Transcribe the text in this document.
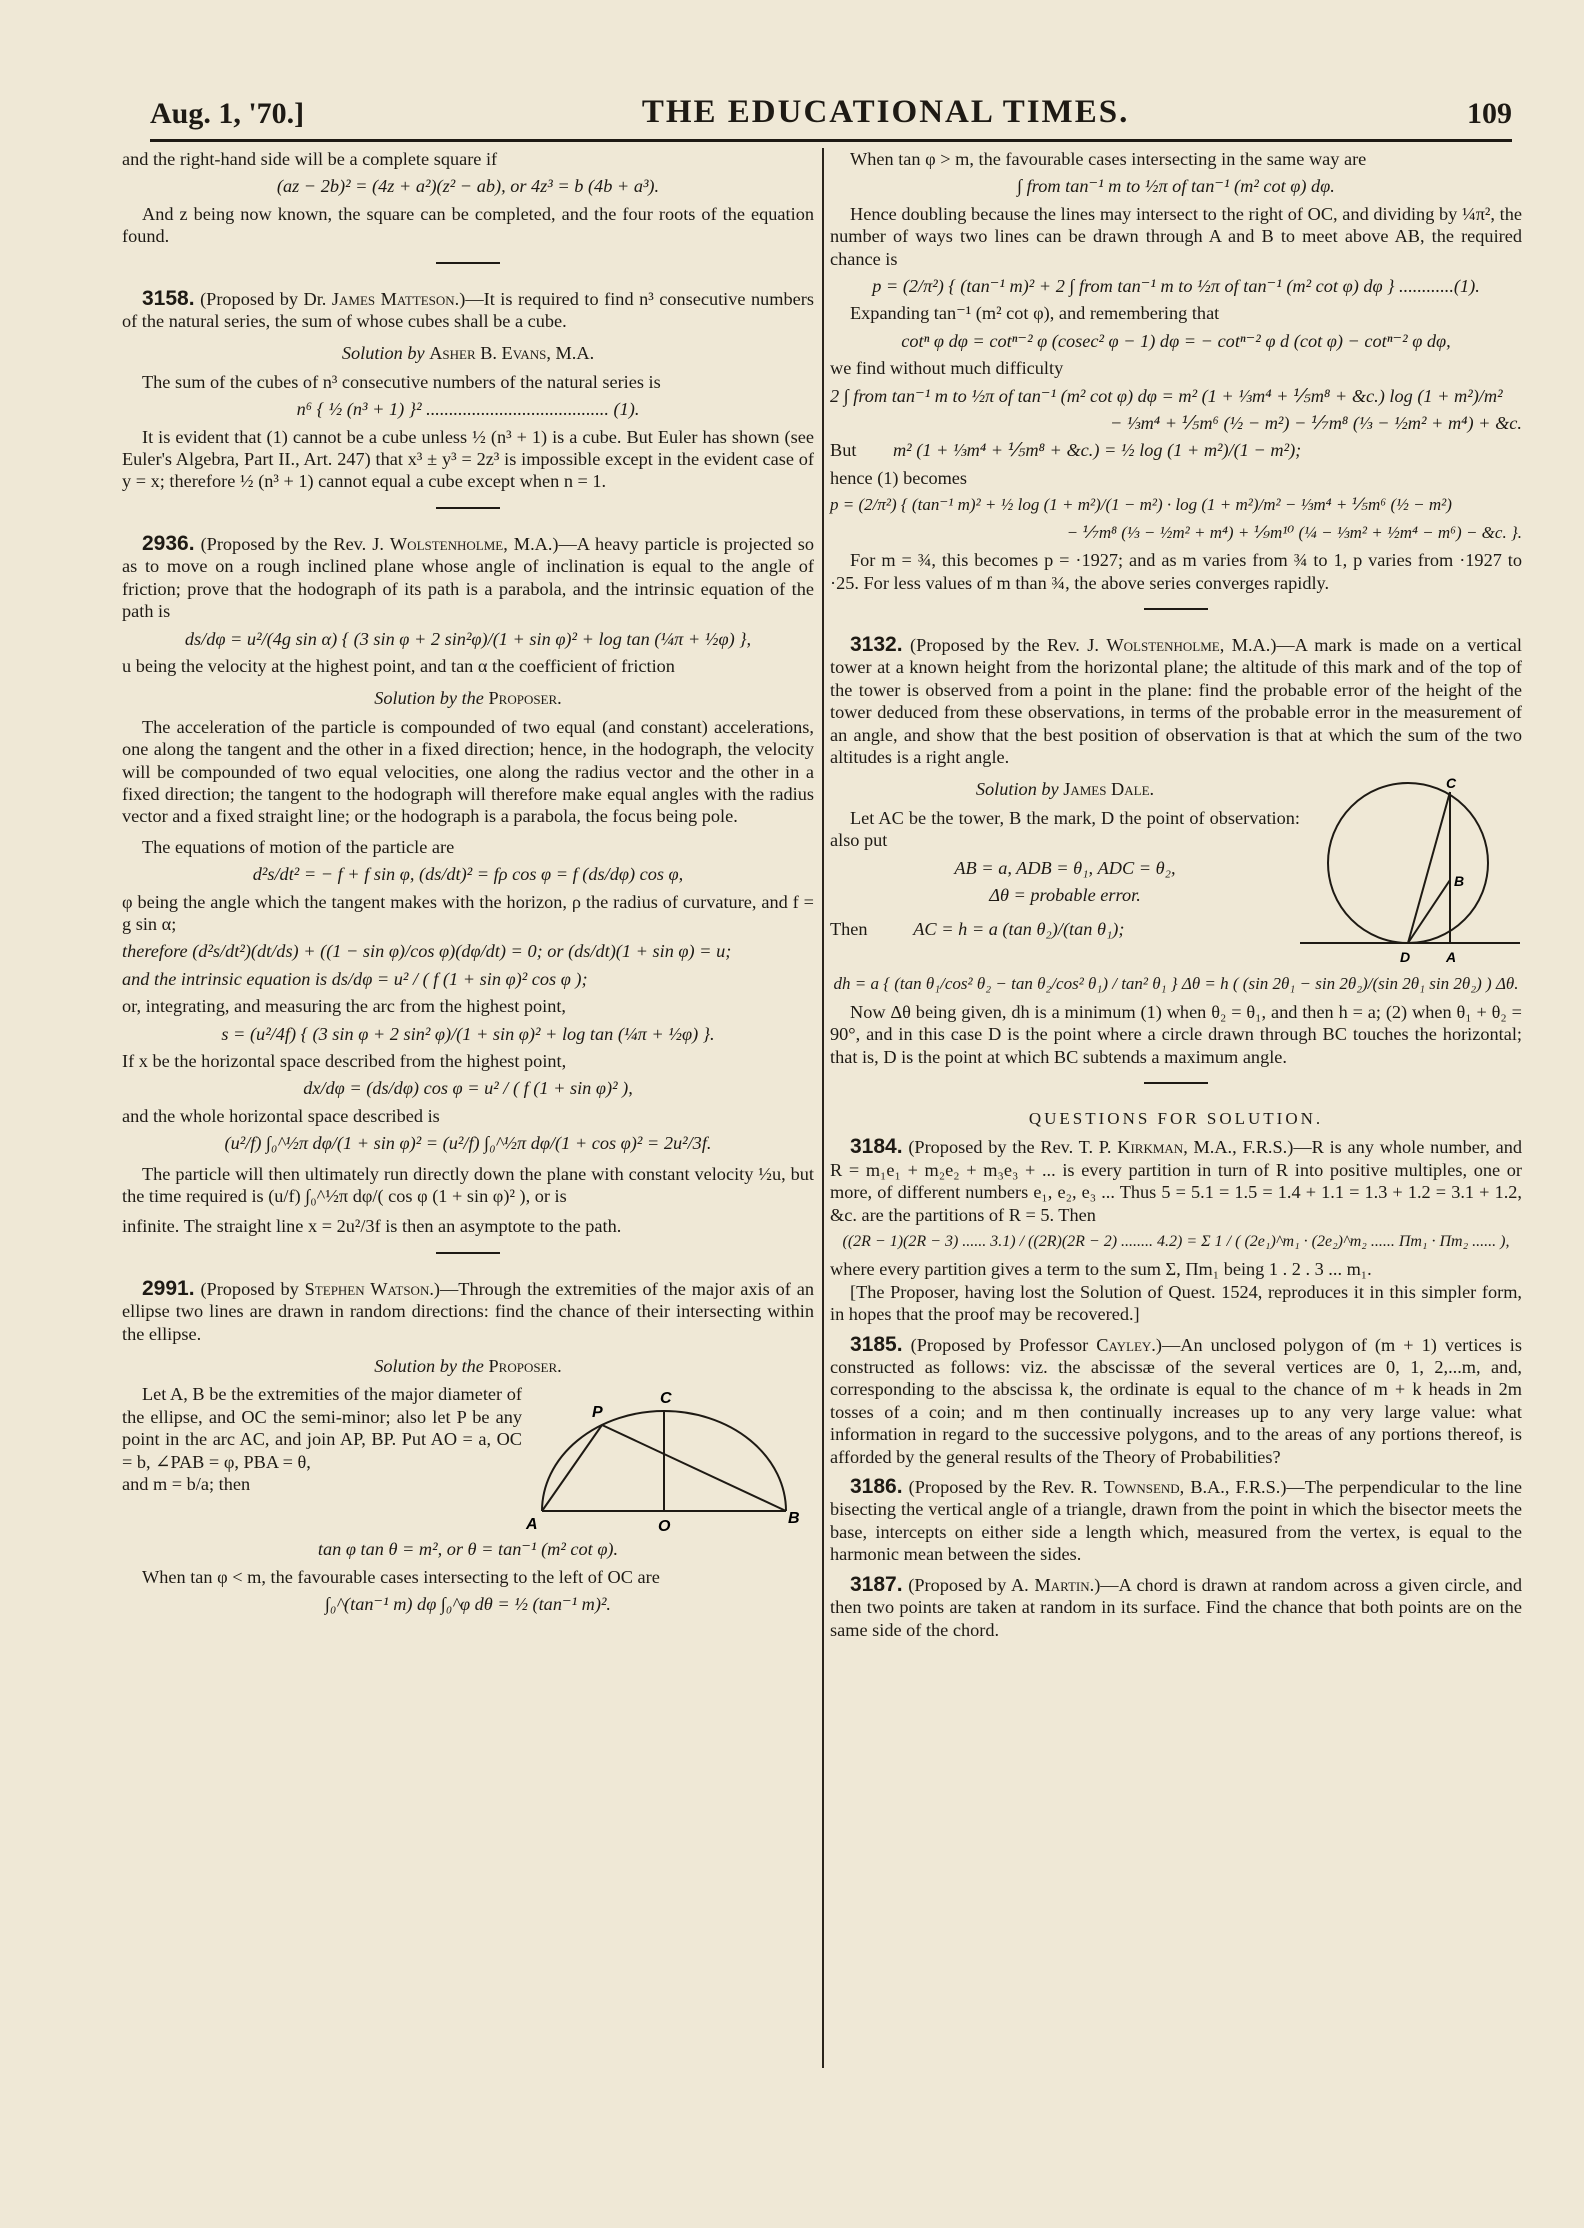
Aug. 1, '70.]	THE EDUCATIONAL TIMES.	109

and the right-hand side will be a complete square if

(az − 2b)² = (4z + a²)(z² − ab), or 4z³ = b (4b + a³).

And z being now known, the square can be completed, and the four roots of the equation found.

3158. (Proposed by Dr. James Matteson.)—It is required to find n³ consecutive numbers of the natural series, the sum of whose cubes shall be a cube.

Solution by Asher B. Evans, M.A.

The sum of the cubes of n³ consecutive numbers of the natural series is

n⁶ { ½ (n³ + 1) }² ........................................ (1).

It is evident that (1) cannot be a cube unless ½ (n³ + 1) is a cube. But Euler has shown (see Euler's Algebra, Part II., Art. 247) that x³ ± y³ = 2z³ is impossible except in the evident case of y = x; therefore ½ (n³ + 1) cannot equal a cube except when n = 1.

2936. (Proposed by the Rev. J. Wolstenholme, M.A.)—A heavy particle is projected so as to move on a rough inclined plane whose angle of inclination is equal to the angle of friction; prove that the hodograph of its path is a parabola, and the intrinsic equation of the path is

ds/dφ = u²/(4g sin α) { (3 sin φ + 2 sin²φ)/(1 + sin φ)² + log tan (¼π + ½φ) },

u being the velocity at the highest point, and tan α the coefficient of friction

Solution by the Proposer.

The acceleration of the particle is compounded of two equal (and constant) accelerations, one along the tangent and the other in a fixed direction; hence, in the hodograph, the velocity will be compounded of two equal velocities, one along the radius vector and the other in a fixed direction; the tangent to the hodograph will therefore make equal angles with the radius vector and a fixed straight line; or the hodograph is a parabola, the focus being pole.

The equations of motion of the particle are

d²s/dt² = − f + f sin φ, (ds/dt)² = fρ cos φ = f (ds/dφ) cos φ,

φ being the angle which the tangent makes with the horizon, ρ the radius of curvature, and f = g sin α;

therefore (d²s/dt²)(dt/ds) + ((1 − sin φ)/cos φ)(dφ/dt) = 0; or (ds/dt)(1 + sin φ) = u;
and the intrinsic equation is ds/dφ = u² / ( f (1 + sin φ)² cos φ );

or, integrating, and measuring the arc from the highest point,

s = (u²/4f) { (3 sin φ + 2 sin² φ)/(1 + sin φ)² + log tan (¼π + ½φ) }.

If x be the horizontal space described from the highest point,

dx/dφ = (ds/dφ) cos φ = u² / ( f (1 + sin φ)² ),

and the whole horizontal space described is

(u²/f) ∫₀^½π dφ/(1 + sin φ)² = (u²/f) ∫₀^½π dφ/(1 + cos φ)² = 2u²/3f.

The particle will then ultimately run directly down the plane with constant velocity ½u, but the time required is (u/f) ∫₀^½π dφ/( cos φ (1 + sin φ)² ), or is

infinite. The straight line x = 2u²/3f is then an asymptote to the path.

2991. (Proposed by Stephen Watson.)—Through the extremities of the major axis of an ellipse two lines are drawn in random directions: find the chance of their intersecting within the ellipse.

Solution by the Proposer.

Let A, B be the extremities of the major diameter of the ellipse, and OC the semi-minor; also let P be any point in the arc AC, and join AP, BP. Put AO = a, OC = b, ∠PAB = φ, PBA = θ,

and m = b/a; then

A	B
C
O
P
tan φ tan θ = m², or θ = tan⁻¹ (m² cot φ).

When tan φ < m, the favourable cases intersecting to the left of OC are

∫₀^(tan⁻¹ m) dφ ∫₀^φ dθ = ½ (tan⁻¹ m)².

When tan φ > m, the favourable cases intersecting in the same way are

∫ from tan⁻¹ m to ½π of tan⁻¹ (m² cot φ) dφ.

Hence doubling because the lines may intersect to the right of OC, and dividing by ¼π², the number of ways two lines can be drawn through A and B to meet above AB, the required chance is

p = (2/π²) { (tan⁻¹ m)² + 2 ∫ from tan⁻¹ m to ½π of tan⁻¹ (m² cot φ) dφ } ............(1).

Expanding tan⁻¹ (m² cot φ), and remembering that

cotⁿ φ dφ = cotⁿ⁻² φ (cosec² φ − 1) dφ = − cotⁿ⁻² φ d (cot φ) − cotⁿ⁻² φ dφ,

we find without much difficulty

2 ∫ from tan⁻¹ m to ½π of tan⁻¹ (m² cot φ) dφ = m² (1 + ⅓m⁴ + ⅕m⁸ + &c.) log (1 + m²)/m²
− ⅓m⁴ + ⅕m⁶ (½ − m²) − ⅐m⁸ (⅓ − ½m² + m⁴) + &c.
But m² (1 + ⅓m⁴ + ⅕m⁸ + &c.) = ½ log (1 + m²)/(1 − m²);

hence (1) becomes

p = (2/π²) { (tan⁻¹ m)² + ½ log (1 + m²)/(1 − m²) · log (1 + m²)/m² − ⅓m⁴ + ⅕m⁶ (½ − m²)
− ⅐m⁸ (⅓ − ½m² + m⁴) + ⅑m¹⁰ (¼ − ⅓m² + ½m⁴ − m⁶) − &c. }.

For m = ¾, this becomes p = ·1927; and as m varies from ¾ to 1, p varies from ·1927 to ·25. For less values of m than ¾, the above series converges rapidly.

3132. (Proposed by the Rev. J. Wolstenholme, M.A.)—A mark is made on a vertical tower at a known height from the horizontal plane; the altitude of this mark and of the top of the tower is observed from a point in the plane: find the probable error of the height of the tower deduced from these observations, in terms of the probable error in the measurement of an angle, and show that the best position of observation is that at which the sum of the two altitudes is a right angle.

Solution by James Dale.

Let AC be the tower, B the mark, D the point of observation: also put

AB = a, ADB = θ₁, ADC = θ₂,
Δθ = probable error.
Then AC = h = a (tan θ₂)/(tan θ₁);
C
B
D	A
dh = a { (tan θ₁/cos² θ₂ − tan θ₂/cos² θ₁) / tan² θ₁ } Δθ = h ( (sin 2θ₁ − sin 2θ₂)/(sin 2θ₁ sin 2θ₂) ) Δθ.

Now Δθ being given, dh is a minimum (1) when θ₂ = θ₁, and then h = a; (2) when θ₁ + θ₂ = 90°, and in this case D is the point where a circle drawn through BC touches the horizontal; that is, D is the point at which BC subtends a maximum angle.

QUESTIONS FOR SOLUTION.

3184. (Proposed by the Rev. T. P. Kirkman, M.A., F.R.S.)—R is any whole number, and R = m₁e₁ + m₂e₂ + m₃e₃ + ... is every partition in turn of R into positive multiples, one or more, of different numbers e₁, e₂, e₃ ... Thus 5 = 5.1 = 1.5 = 1.4 + 1.1 = 1.3 + 1.2 = 3.1 + 1.2, &c. are the partitions of R = 5. Then

((2R − 1)(2R − 3) ...... 3.1) / ((2R)(2R − 2) ........ 4.2) = Σ 1 / ( (2e₁)^m₁ · (2e₂)^m₂ ...... Πm₁ · Πm₂ ...... ),

where every partition gives a term to the sum Σ, Πm₁ being 1 . 2 . 3 ... m₁.

[The Proposer, having lost the Solution of Quest. 1524, reproduces it in this simpler form, in hopes that the proof may be recovered.]

3185. (Proposed by Professor Cayley.)—An unclosed polygon of (m + 1) vertices is constructed as follows: viz. the abscissæ of the several vertices are 0, 1, 2,...m, and, corresponding to the abscissa k, the ordinate is equal to the chance of m + k heads in 2m tosses of a coin; and m then continually increases up to any very large value: what information in regard to the successive polygons, and to the areas of any portions thereof, is afforded by the general results of the Theory of Probabilities?

3186. (Proposed by the Rev. R. Townsend, B.A., F.R.S.)—The perpendicular to the line bisecting the vertical angle of a triangle, drawn from the point in which the bisector meets the base, intercepts on either side a length which, measured from the vertex, is equal to the harmonic mean between the sides.

3187. (Proposed by A. Martin.)—A chord is drawn at random across a given circle, and then two points are taken at random in its surface. Find the chance that both points are on the same side of the chord.
